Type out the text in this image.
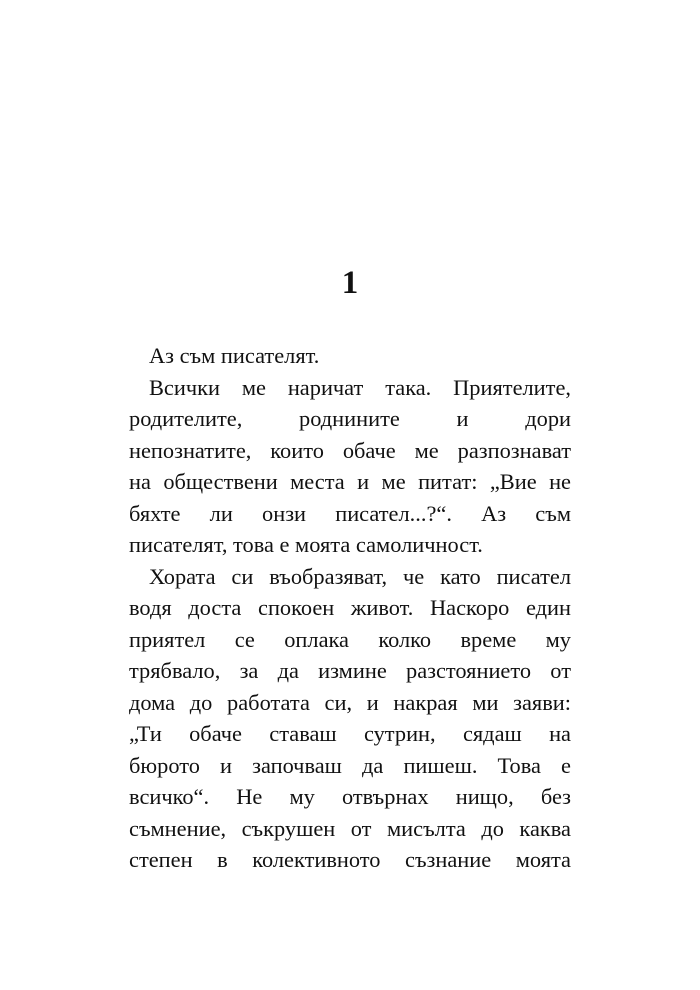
1
Аз съм писателят.
Всички ме наричат така. Приятелите,
родителите, роднините и дори
непознатите, които обаче ме разпознават
на обществени места и ме питат: „Вие не
бяхте ли онзи писател...?“. Аз съм
писателят, това е моята самоличност.
Хората си въобразяват, че като писател
водя доста спокоен живот. Наскоро един
приятел се оплака колко време му
трябвало, за да измине разстоянието от
дома до работата си, и накрая ми заяви:
„Ти обаче ставаш сутрин, сядаш на
бюрото и започваш да пишеш. Това е
всичко“. Не му отвърнах нищо, без
съмнение, съкрушен от мисълта до каква
степен в колективното съзнание моята
